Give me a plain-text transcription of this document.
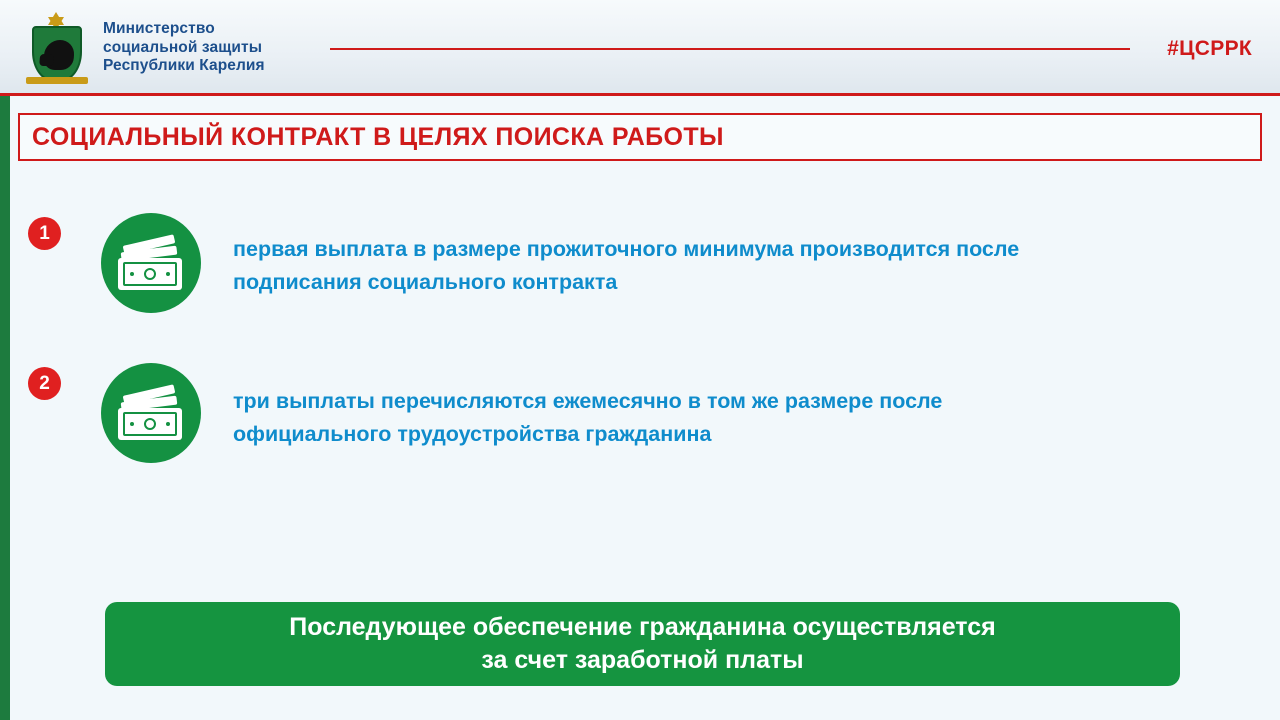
Министерство
социальной защиты
Республики Карелия
#ЦСРРК
СОЦИАЛЬНЫЙ КОНТРАКТ В ЦЕЛЯХ ПОИСКА РАБОТЫ
1
первая выплата в размере прожиточного минимума производится после подписания социального контракта
2
три выплаты перечисляются ежемесячно в том же размере после официального трудоустройства гражданина
Последующее обеспечение гражданина осуществляется
за счет заработной платы
